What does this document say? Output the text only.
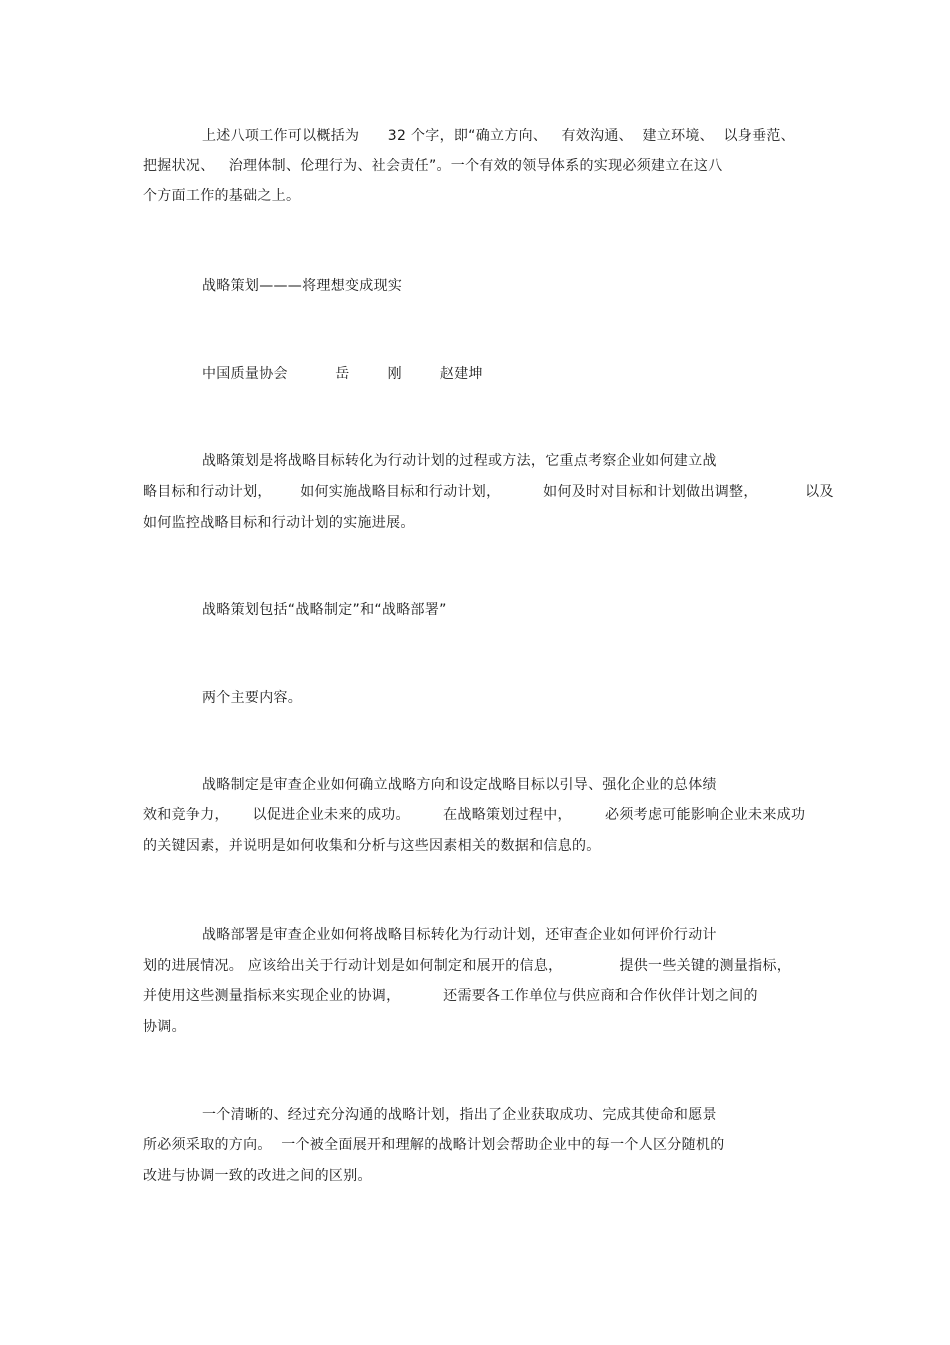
上述八项工作可以概括为      32 个字，即“确立方向、   有效沟通、  建立环境、  以身垂范、
把握状况、   治理体制、伦理行为、社会责任”。一个有效的领导体系的实现必须建立在这八
个方面工作的基础之上。
战略策划———将理想变成现实
中国质量协会          岳        刚        赵建坤
战略策划是将战略目标转化为行动计划的过程或方法，它重点考察企业如何建立战
略目标和行动计划，      如何实施战略目标和行动计划，         如何及时对目标和计划做出调整，          以及
如何监控战略目标和行动计划的实施进展。
战略策划包括“战略制定”和“战略部署”
两个主要内容。
战略制定是审查企业如何确立战略方向和设定战略目标以引导、强化企业的总体绩
效和竞争力，     以促进企业未来的成功。       在战略策划过程中，       必须考虑可能影响企业未来成功
的关键因素，并说明是如何收集和分析与这些因素相关的数据和信息的。
战略部署是审查企业如何将战略目标转化为行动计划，还审查企业如何评价行动计
划的进展情况。 应该给出关于行动计划是如何制定和展开的信息，            提供一些关键的测量指标，
并使用这些测量指标来实现企业的协调，         还需要各工作单位与供应商和合作伙伴计划之间的
协调。
一个清晰的、经过充分沟通的战略计划，指出了企业获取成功、完成其使命和愿景
所必须采取的方向。  一个被全面展开和理解的战略计划会帮助企业中的每一个人区分随机的
改进与协调一致的改进之间的区别。
